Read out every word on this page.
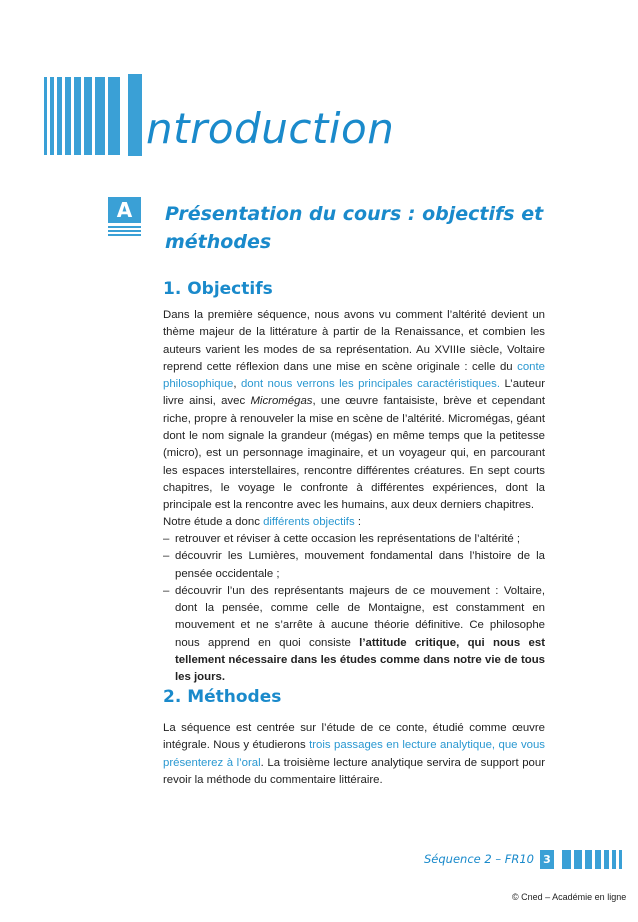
ntroduction
A	Présentation du cours : objectifs et méthodes
1. Objectifs
Dans la première séquence, nous avons vu comment l’altérité devient un thème majeur de la littérature à partir de la Renaissance, et combien les auteurs varient les modes de sa représentation. Au XVIIIe siècle, Voltaire reprend cette réflexion dans une mise en scène originale : celle du conte philosophique, dont nous verrons les principales caractéristiques. L’auteur livre ainsi, avec Micromégas, une œuvre fantaisiste, brève et cependant riche, propre à renouveler la mise en scène de l’altérité. Micromégas, géant dont le nom signale la grandeur (mégas) en même temps que la petitesse (micro), est un personnage imaginaire, et un voyageur qui, en parcourant les espaces interstellaires, rencontre différentes créatures. En sept courts chapitres, le voyage le confronte à différentes expériences, dont la principale est la rencontre avec les humains, aux deux derniers chapitres.
Notre étude a donc différents objectifs :
– retrouver et réviser à cette occasion les représentations de l’altérité ;
– découvrir les Lumières, mouvement fondamental dans l’histoire de la pensée occidentale ;
– découvrir l’un des représentants majeurs de ce mouvement : Voltaire, dont la pensée, comme celle de Montaigne, est constamment en mouvement et ne s’arrête à aucune théorie définitive. Ce philosophe nous apprend en quoi consiste l’attitude critique, qui nous est tellement nécessaire dans les études comme dans notre vie de tous les jours.
2. Méthodes
La séquence est centrée sur l’étude de ce conte, étudié comme œuvre intégrale. Nous y étudierons trois passages en lecture analytique, que vous présenterez à l’oral. La troisième lecture analytique servira de support pour revoir la méthode du commentaire littéraire.
Séquence 2 – FR10 3
© Cned – Académie en ligne
